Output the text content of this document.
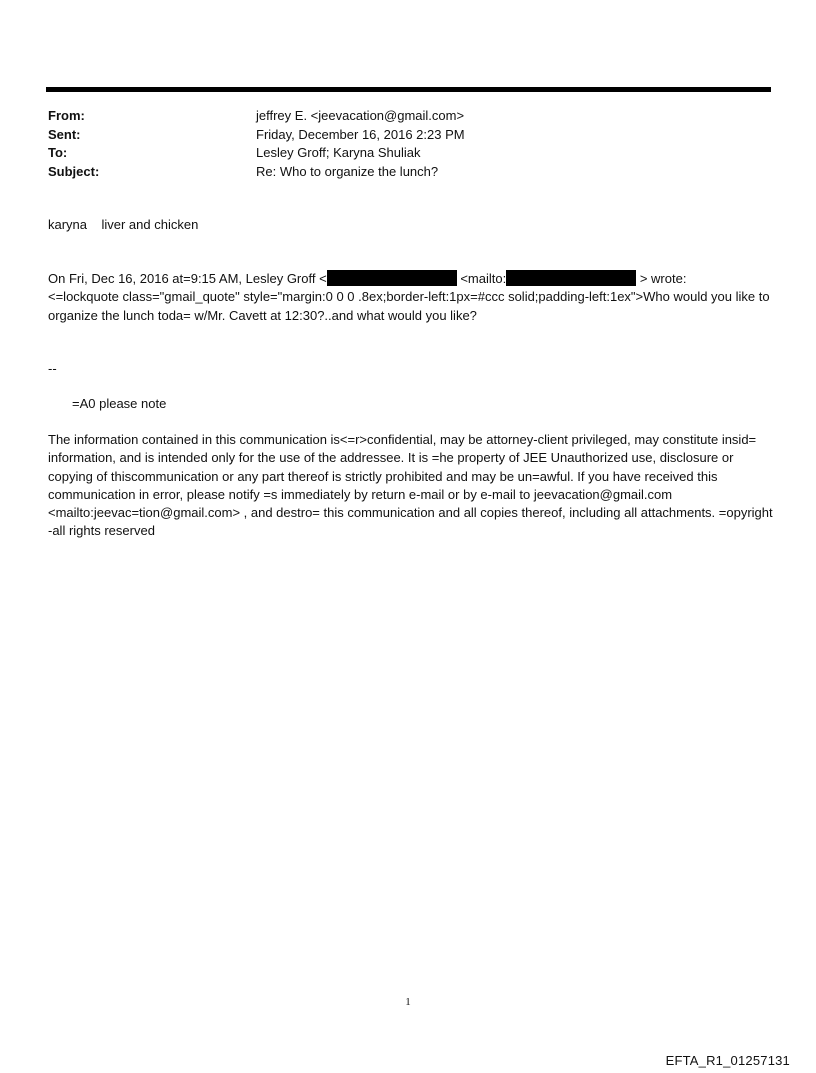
From:	jeffrey E. <jeevacation@gmail.com>
Sent:	Friday, December 16, 2016 2:23 PM
To:	Lesley Groff; Karyna Shuliak
Subject:	Re: Who to organize the lunch?
karyna    liver and chicken
On Fri, Dec 16, 2016 at=9:15 AM, Lesley Groff <	<mailto:	> wrote:
<=lockquote class="gmail_quote" style="margin:0 0 0 .8ex;border-left:1px=#ccc solid;padding-left:1ex">Who would you like to organize the lunch toda= w/Mr. Cavett at 12:30?..and what would you like?
--
=A0 please note
The information contained in this communication is<=r>confidential, may be attorney-client privileged, may constitute insid= information, and is intended only for the use of the addressee. It is =he property of JEE Unauthorized use, disclosure or copying of thiscommunication or any part thereof is strictly prohibited and may be un=awful. If you have received this communication in error, please notify =s immediately by return e-mail or by e-mail to jeevacation@gmail.com <mailto:jeevac=tion@gmail.com> , and destro= this communication and all copies thereof, including all attachments. =opyright -all rights reserved
1
EFTA_R1_01257131
